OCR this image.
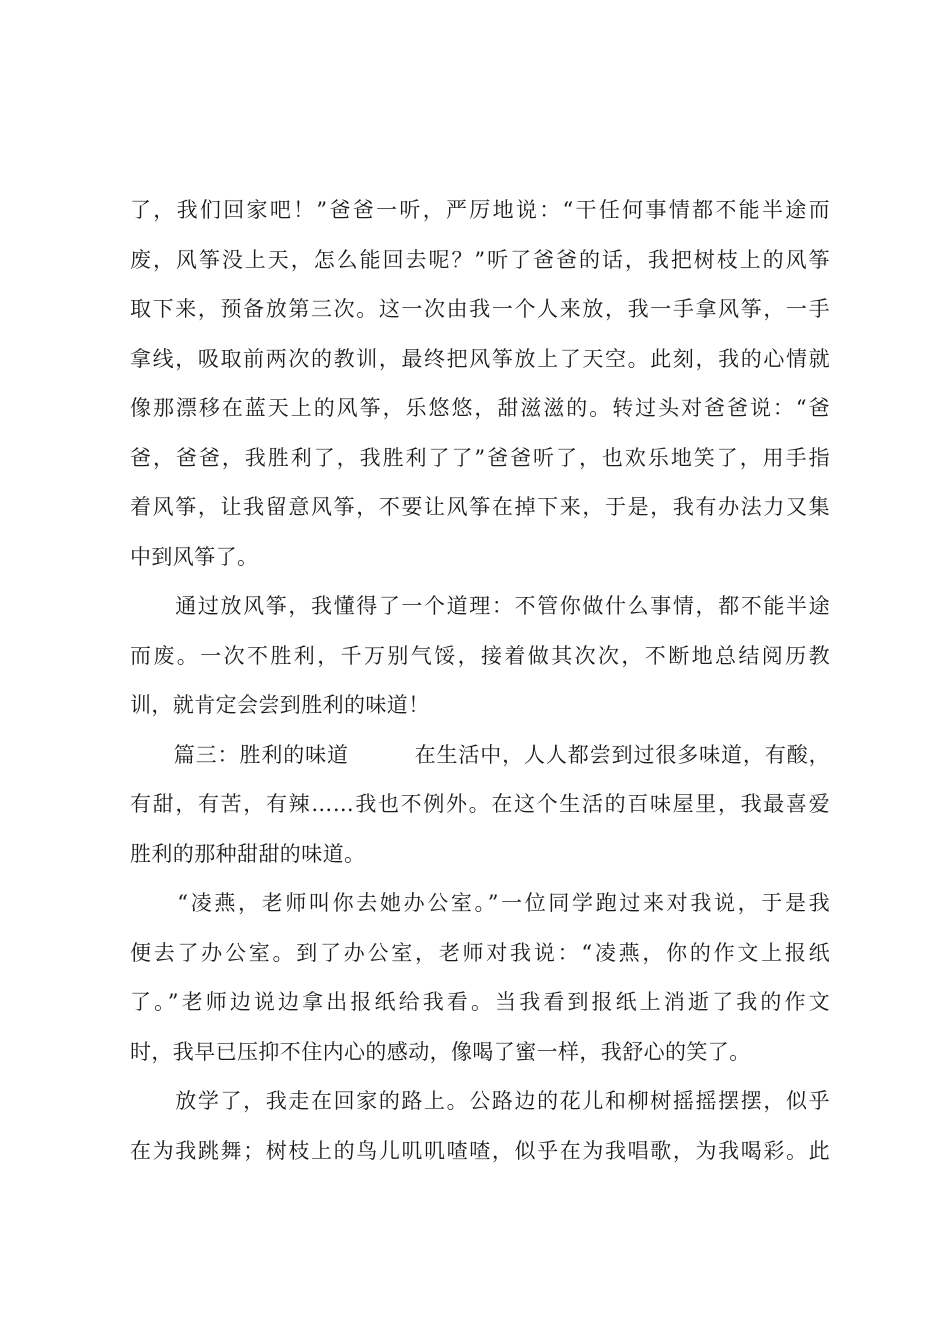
了，我们回家吧！”爸爸一听，严厉地说：“干任何事情都不能半途而
废，风筝没上天，怎么能回去呢？”听了爸爸的话，我把树枝上的风筝
取下来，预备放第三次。这一次由我一个人来放，我一手拿风筝，一手
拿线，吸取前两次的教训，最终把风筝放上了天空。此刻，我的心情就
像那漂移在蓝天上的风筝，乐悠悠，甜滋滋的。转过头对爸爸说：“爸
爸，爸爸，我胜利了，我胜利了了”爸爸听了，也欢乐地笑了，用手指
着风筝，让我留意风筝，不要让风筝在掉下来，于是，我有办法力又集
中到风筝了。
　　通过放风筝，我懂得了一个道理：不管你做什么事情，都不能半途
而废。一次不胜利，千万别气馁，接着做其次次，不断地总结阅历教
训，就肯定会尝到胜利的味道！
　　篇三：胜利的味道　　　在生活中，人人都尝到过很多味道，有酸，
有甜，有苦，有辣……我也不例外。在这个生活的百味屋里，我最喜爱
胜利的那种甜甜的味道。
　　“凌燕，老师叫你去她办公室。”一位同学跑过来对我说，于是我
便去了办公室。到了办公室，老师对我说：“凌燕，你的作文上报纸
了。”老师边说边拿出报纸给我看。当我看到报纸上消逝了我的作文
时，我早已压抑不住内心的感动，像喝了蜜一样，我舒心的笑了。
　　放学了，我走在回家的路上。公路边的花儿和柳树摇摇摆摆，似乎
在为我跳舞；树枝上的鸟儿叽叽喳喳，似乎在为我唱歌，为我喝彩。此
